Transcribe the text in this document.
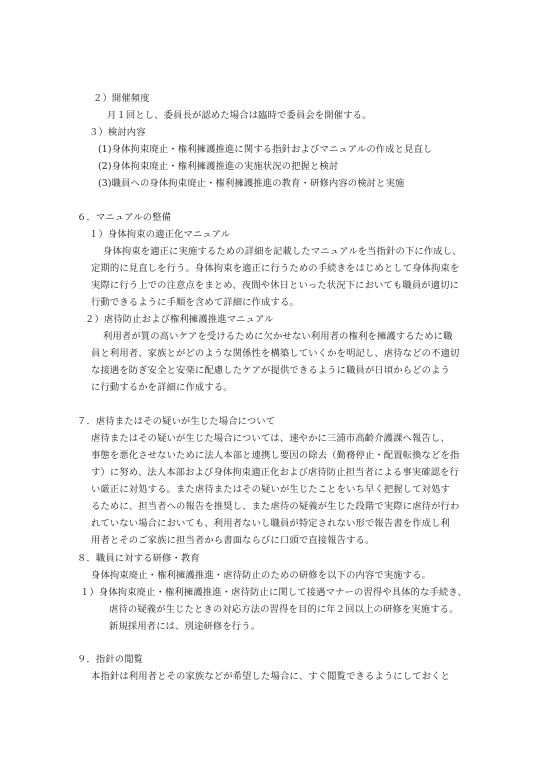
２）開催頻度
月１回とし、委員長が認めた場合は臨時で委員会を開催する。
３）検討内容
(1)身体拘束廃止・権利擁護推進に関する指針およびマニュアルの作成と見直し
(2)身体拘束廃止・権利擁護推進の実施状況の把握と検討
(3)職員への身体拘束廃止・権利擁護推進の教育・研修内容の検討と実施
６．マニュアルの整備
１）身体拘束の適正化マニュアル
身体拘束を適正に実施するための詳細を記載したマニュアルを当指針の下に作成し、
定期的に見直しを行う。身体拘束を適正に行うための手続きをはじめとして身体拘束を
実際に行う上での注意点をまとめ、夜間や休日といった状況下においても職員が適切に
行動できるように手順を含めて詳細に作成する。
２）虐待防止および権利擁護推進マニュアル
利用者が質の高いケアを受けるために欠かせない利用者の権利を擁護するために職
員と利用者、家族とがどのような関係性を構築していくかを明記し、虐待などの不適切
な接遇を防ぎ安全と安楽に配慮したケアが提供できるように職員が日頃からどのよう
に行動するかを詳細に作成する。
７．虐待またはその疑いが生じた場合について
虐待またはその疑いが生じた場合については、速やかに三浦市高齢介護課へ報告し、
事態を悪化させないために法人本部と連携し要因の除去（勤務停止・配置転換などを指
す）に努め、法人本部および身体拘束適正化および虐待防止担当者による事実確認を行
い厳正に対処する。また虐待またはその疑いが生じたことをいち早く把握して対処す
るために、担当者への報告を推奨し、また虐待の疑義が生じた段階で実際に虐待が行わ
れていない場合においても、利用者ないし職員が特定されない形で報告書を作成し利
用者とそのご家族に担当者から書面ならびに口頭で直接報告する。
８．職員に対する研修・教育
身体拘束廃止・権利擁護推進・虐待防止のための研修を以下の内容で実施する。
１）身体拘束廃止・権利擁護推進・虐待防止に関して接遇マナーの習得や具体的な手続き、
虐待の疑義が生じたときの対応方法の習得を目的に年２回以上の研修を実施する。
新規採用者には、別途研修を行う。
９．指針の閲覧
本指針は利用者とその家族などが希望した場合に、すぐ閲覧できるようにしておくと
